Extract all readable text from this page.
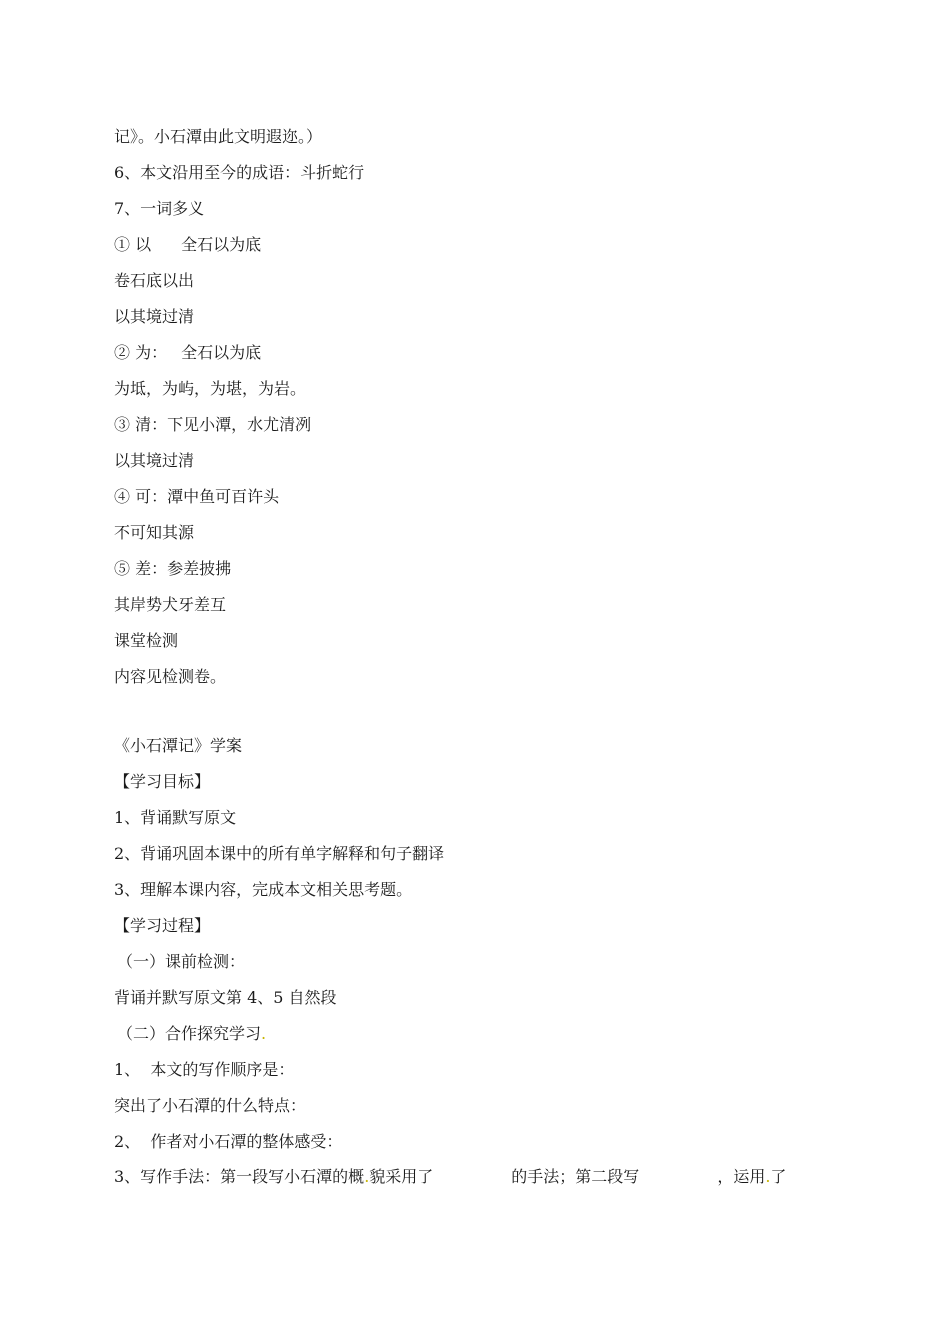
记》。小石潭由此文明遐迩。）

6、本文沿用至今的成语：斗折蛇行

7、一词多义

① 以 全石以为底

卷石底以出

以其境过清

② 为： 全石以为底

为坻，为屿，为堪，为岩。

③ 清：下见小潭，水尤清冽

以其境过清

④ 可：潭中鱼可百许头

不可知其源

⑤ 差：参差披拂

其岸势犬牙差互

课堂检测

内容见检测卷。

《小石潭记》学案

【学习目标】

1、背诵默写原文

2、背诵巩固本课中的所有单字解释和句子翻译

3、理解本课内容，完成本文相关思考题。

【学习过程】

（一）课前检测：

背诵并默写原文第 4、5 自然段

（二）合作探究学习.

1、  本文的写作顺序是：

突出了小石潭的什么特点：

2、  作者对小石潭的整体感受：

3、写作手法：第一段写小石潭的概.貌采用了	的手法；第二段写	，运用.了
